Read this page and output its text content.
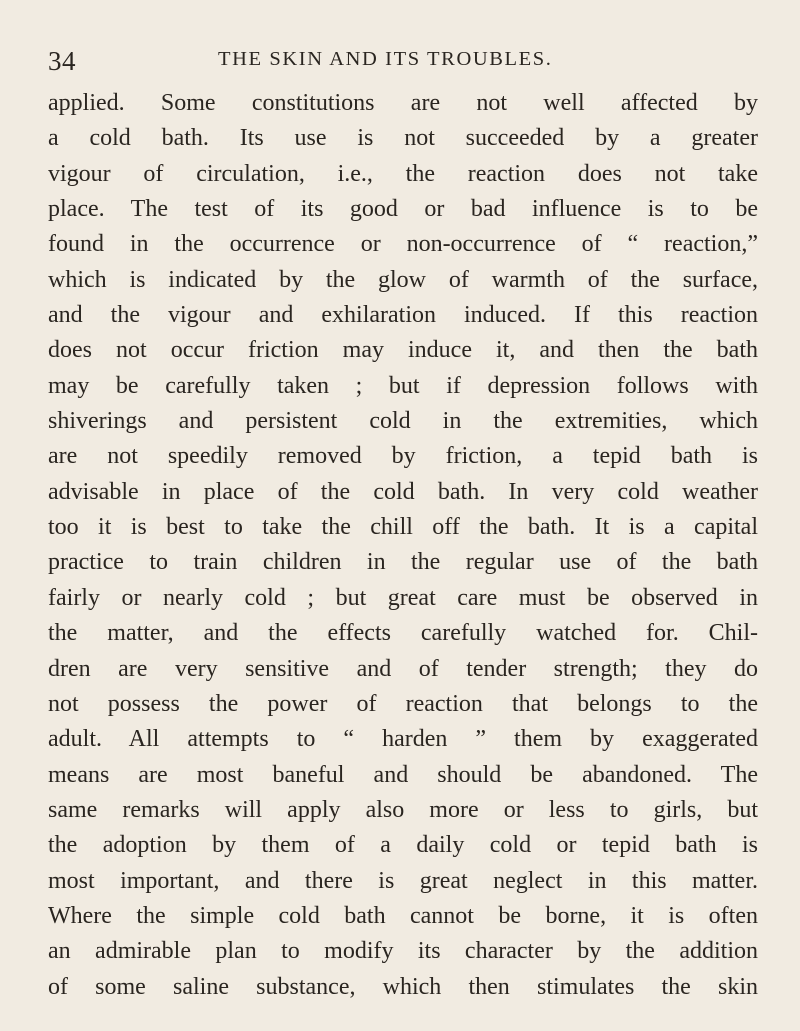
34	THE SKIN AND ITS TROUBLES.
applied. Some constitutions are not well affected by
a cold bath. Its use is not succeeded by a greater
vigour of circulation, i.e., the reaction does not take
place. The test of its good or bad influence is to be
found in the occurrence or non-occurrence of “ reaction,”
which is indicated by the glow of warmth of the surface,
and the vigour and exhilaration induced. If this reaction
does not occur friction may induce it, and then the bath
may be carefully taken ; but if depression follows with
shiverings and persistent cold in the extremities, which
are not speedily removed by friction, a tepid bath is
advisable in place of the cold bath. In very cold weather
too it is best to take the chill off the bath. It is a capital
practice to train children in the regular use of the bath
fairly or nearly cold ; but great care must be observed in
the matter, and the effects carefully watched for. Chil-
dren are very sensitive and of tender strength; they do
not possess the power of reaction that belongs to the
adult. All attempts to “ harden ” them by exaggerated
means are most baneful and should be abandoned. The
same remarks will apply also more or less to girls, but
the adoption by them of a daily cold or tepid bath is
most important, and there is great neglect in this matter.
Where the simple cold bath cannot be borne, it is often
an admirable plan to modify its character by the addition
of some saline substance, which then stimulates the skin
